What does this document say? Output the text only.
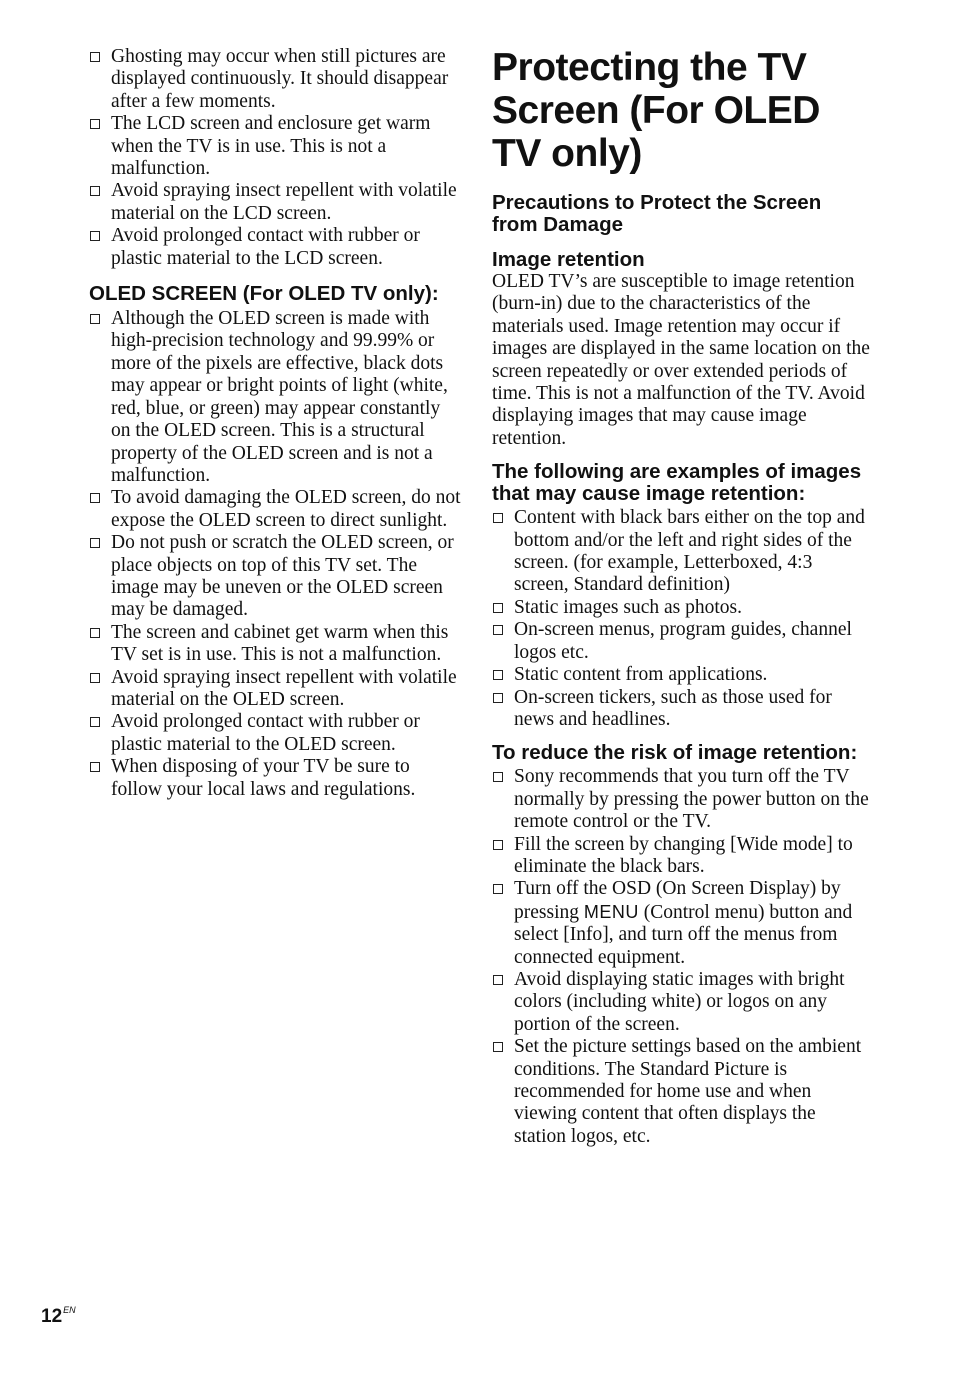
Ghosting may occur when still pictures are displayed continuously. It should disappear after a few moments.
The LCD screen and enclosure get warm when the TV is in use. This is not a malfunction.
Avoid spraying insect repellent with volatile material on the LCD screen.
Avoid prolonged contact with rubber or plastic material to the LCD screen.
OLED SCREEN (For OLED TV only):
Although the OLED screen is made with high-precision technology and 99.99% or more of the pixels are effective, black dots may appear or bright points of light (white, red, blue, or green) may appear constantly on the OLED screen. This is a structural property of the OLED screen and is not a malfunction.
To avoid damaging the OLED screen, do not expose the OLED screen to direct sunlight.
Do not push or scratch the OLED screen, or place objects on top of this TV set. The image may be uneven or the OLED screen may be damaged.
The screen and cabinet get warm when this TV set is in use. This is not a malfunction.
Avoid spraying insect repellent with volatile material on the OLED screen.
Avoid prolonged contact with rubber or plastic material to the OLED screen.
When disposing of your TV be sure to follow your local laws and regulations.
Protecting the TV Screen (For OLED TV only)
Precautions to Protect the Screen from Damage
Image retention

OLED TV’s are susceptible to image retention (burn-in) due to the characteristics of the materials used. Image retention may occur if images are displayed in the same location on the screen repeatedly or over extended periods of time. This is not a malfunction of the TV. Avoid displaying images that may cause image retention.

The following are examples of images that may cause image retention:
Content with black bars either on the top and bottom and/or the left and right sides of the screen. (for example, Letterboxed, 4:3 screen, Standard definition)
Static images such as photos.
On-screen menus, program guides, channel logos etc.
Static content from applications.
On-screen tickers, such as those used for news and headlines.
To reduce the risk of image retention:
Sony recommends that you turn off the TV normally by pressing the power button on the remote control or the TV.
Fill the screen by changing [Wide mode] to eliminate the black bars.
Turn off the OSD (On Screen Display) by pressing MENU (Control menu) button and select [Info], and turn off the menus from connected equipment.
Avoid displaying static images with bright colors (including white) or logos on any portion of the screen.
Set the picture settings based on the ambient conditions. The Standard Picture is recommended for home use and when viewing content that often displays the station logos, etc.
$12^{EN}$
